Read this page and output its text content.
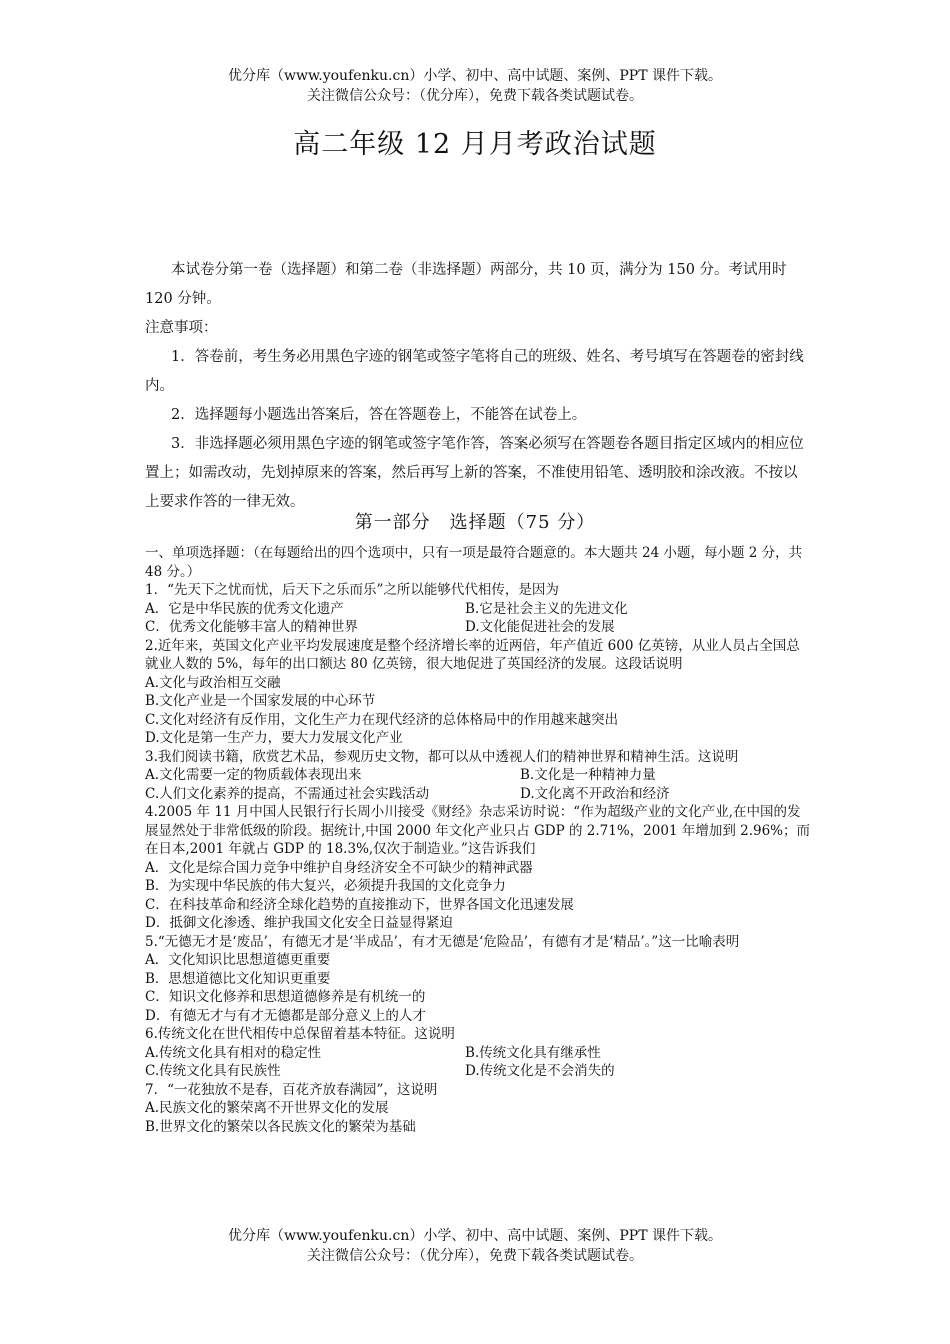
优分库（www.youfenku.cn）小学、初中、高中试题、案例、PPT 课件下载。
关注微信公众号：（优分库），免费下载各类试题试卷。
高二年级 12 月月考政治试题

本试卷分第一卷（选择题）和第二卷（非选择题）两部分，共 10 页，满分为 150 分。考试用时 120 分钟。

注意事项：

1．答卷前，考生务必用黑色字迹的钢笔或签字笔将自己的班级、姓名、考号填写在答题卷的密封线内。

2．选择题每小题选出答案后，答在答题卷上，不能答在试卷上。

3．非选择题必须用黑色字迹的钢笔或签字笔作答，答案必须写在答题卷各题目指定区域内的相应位置上；如需改动，先划掉原来的答案，然后再写上新的答案，不准使用铅笔、透明胶和涂改液。不按以上要求作答的一律无效。

第一部分　选择题（75 分）
一、单项选择题：（在每题给出的四个选项中，只有一项是最符合题意的。本大题共 24 小题，每小题 2 分，共 48 分。）
1．“先天下之忧而忧，后天下之乐而乐”之所以能够代代相传，是因为
A．它是中华民族的优秀文化遗产	B.它是社会主义的先进文化
C．优秀文化能够丰富人的精神世界	D.文化能促进社会的发展
2.近年来，英国文化产业平均发展速度是整个经济增长率的近两倍，年产值近 600 亿英镑，从业人员占全国总就业人数的 5%，每年的出口额达 80 亿英镑，很大地促进了英国经济的发展。这段话说明
A.文化与政治相互交融
B.文化产业是一个国家发展的中心环节
C.文化对经济有反作用，文化生产力在现代经济的总体格局中的作用越来越突出
D.文化是第一生产力，要大力发展文化产业
3.我们阅读书籍，欣赏艺术品，参观历史文物，都可以从中透视人们的精神世界和精神生活。这说明
A.文化需要一定的物质载体表现出来	B.文化是一种精神力量
C.人们文化素养的提高，不需通过社会实践活动	D.文化离不开政治和经济
4.2005 年 11 月中国人民银行行长周小川接受《财经》杂志采访时说：“作为超级产业的文化产业,在中国的发展显然处于非常低级的阶段。据统计,中国 2000 年文化产业只占 GDP 的 2.71%，2001 年增加到 2.96%；而在日本,2001 年就占 GDP 的 18.3%,仅次于制造业。”这告诉我们
A．文化是综合国力竞争中维护自身经济安全不可缺少的精神武器
B．为实现中华民族的伟大复兴，必须提升我国的文化竞争力
C．在科技革命和经济全球化趋势的直接推动下，世界各国文化迅速发展
D．抵御文化渗透、维护我国文化安全日益显得紧迫
5.“无德无才是‘废品’，有德无才是‘半成品’，有才无德是‘危险品’，有德有才是‘精品’。”这一比喻表明
A．文化知识比思想道德更重要
B．思想道德比文化知识更重要
C．知识文化修养和思想道德修养是有机统一的
D．有德无才与有才无德都是部分意义上的人才
6.传统文化在世代相传中总保留着基本特征。这说明
A.传统文化具有相对的稳定性	B.传统文化具有继承性
C.传统文化具有民族性	D.传统文化是不会消失的
7．“一花独放不是春，百花齐放春满园”，这说明
A.民族文化的繁荣离不开世界文化的发展
B.世界文化的繁荣以各民族文化的繁荣为基础
优分库（www.youfenku.cn）小学、初中、高中试题、案例、PPT 课件下载。
关注微信公众号：（优分库），免费下载各类试题试卷。
